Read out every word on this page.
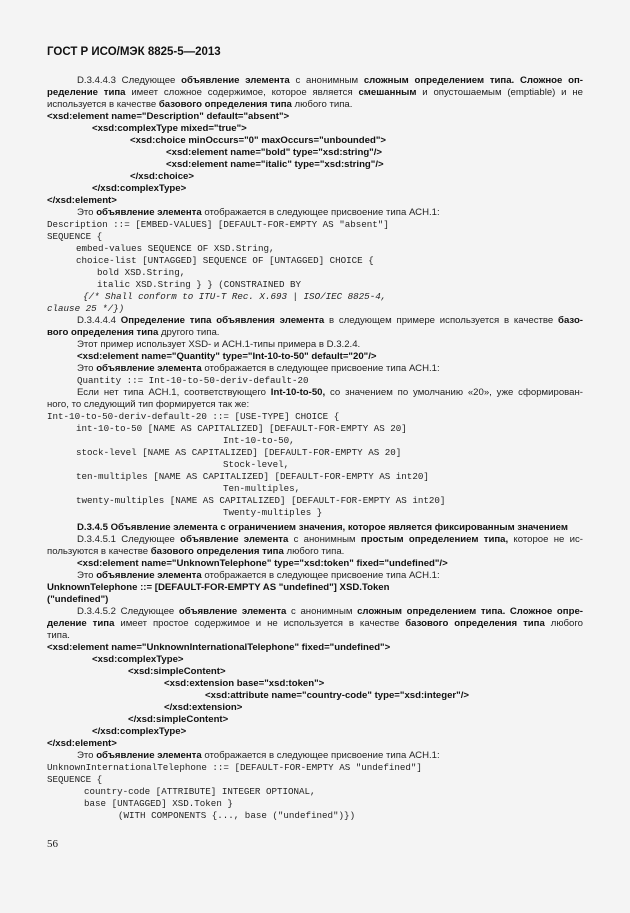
ГОСТ Р ИСО/МЭК 8825-5—2013
D.3.4.4.3 Следующее объявление элемента с анонимным сложным определением типа. Сложное оп-
ределение типа имеет сложное содержимое, которое является смешанным и опустошаемым (emptiable) и не
используется в качестве базового определения типа любого типа.
<xsd:element name="Description" default="absent">
<xsd:complexType mixed="true">
<xsd:choice minOccurs="0" maxOccurs="unbounded">
<xsd:element name="bold" type="xsd:string"/>
<xsd:element name="italic" type="xsd:string"/>
</xsd:choice>
</xsd:complexType>
</xsd:element>
Это объявление элемента отображается в следующее присвоение типа АСН.1:
Description ::= [EMBED-VALUES] [DEFAULT-FOR-EMPTY AS "absent"]
SEQUENCE {
embed-values SEQUENCE OF XSD.String,
choice-list [UNTAGGED] SEQUENCE OF [UNTAGGED] CHOICE {
bold XSD.String,
italic XSD.String } } (CONSTRAINED BY
{/* Shall conform to ITU-T Rec. X.693 | ISO/IEC 8825-4,
clause 25 */})
D.3.4.4.4 Определение типа объявления элемента в следующем примере используется в качестве базо-
вого определения типа другого типа.
Этот пример использует XSD- и АСН.1-типы примера в D.3.2.4.
<xsd:element name="Quantity" type="Int-10-to-50" default="20"/>
Это объявление элемента отображается в следующее присвоение типа АСН.1:
Quantity ::= Int-10-to-50-deriv-default-20
Если нет типа АСН.1, соответствующего Int-10-to-50, со значением по умолчанию «20», уже сформирован-
ного, то следующий тип формируется так же:
Int-10-to-50-deriv-default-20 ::= [USE-TYPE] CHOICE {
int-10-to-50 [NAME AS CAPITALIZED] [DEFAULT-FOR-EMPTY AS 20]
Int-10-to-50,
stock-level [NAME AS CAPITALIZED] [DEFAULT-FOR-EMPTY AS 20]
Stock-level,
ten-multiples [NAME AS CAPITALIZED] [DEFAULT-FOR-EMPTY AS int20]
Ten-multiples,
twenty-multiples [NAME AS CAPITALIZED] [DEFAULT-FOR-EMPTY AS int20]
Twenty-multiples }
D.3.4.5 Объявление элемента с ограничением значения, которое является фиксированным значением
D.3.4.5.1 Следующее объявление элемента с анонимным простым определением типа, которое не ис-
пользуются в качестве базового определения типа любого типа.
<xsd:element name="UnknownTelephone" type="xsd:token" fixed="undefined"/>
Это объявление элемента отображается в следующее присвоение типа АСН.1:
UnknownTelephone ::= [DEFAULT-FOR-EMPTY AS "undefined"] XSD.Token
("undefined")
D.3.4.5.2 Следующее объявление элемента с анонимным сложным определением типа. Сложное опре-
деление типа имеет простое содержимое и не используется в качестве базового определения типа любого
типа.
<xsd:element name="UnknownInternationalTelephone" fixed="undefined">
<xsd:complexType>
<xsd:simpleContent>
<xsd:extension base="xsd:token">
<xsd:attribute name="country-code" type="xsd:integer"/>
</xsd:extension>
</xsd:simpleContent>
</xsd:complexType>
</xsd:element>
Это объявление элемента отображается в следующее присвоение типа АСН.1:
UnknownInternationalTelephone ::= [DEFAULT-FOR-EMPTY AS "undefined"]
SEQUENCE {
country-code [ATTRIBUTE] INTEGER OPTIONAL,
base [UNTAGGED] XSD.Token }
(WITH COMPONENTS {..., base ("undefined")})
56
